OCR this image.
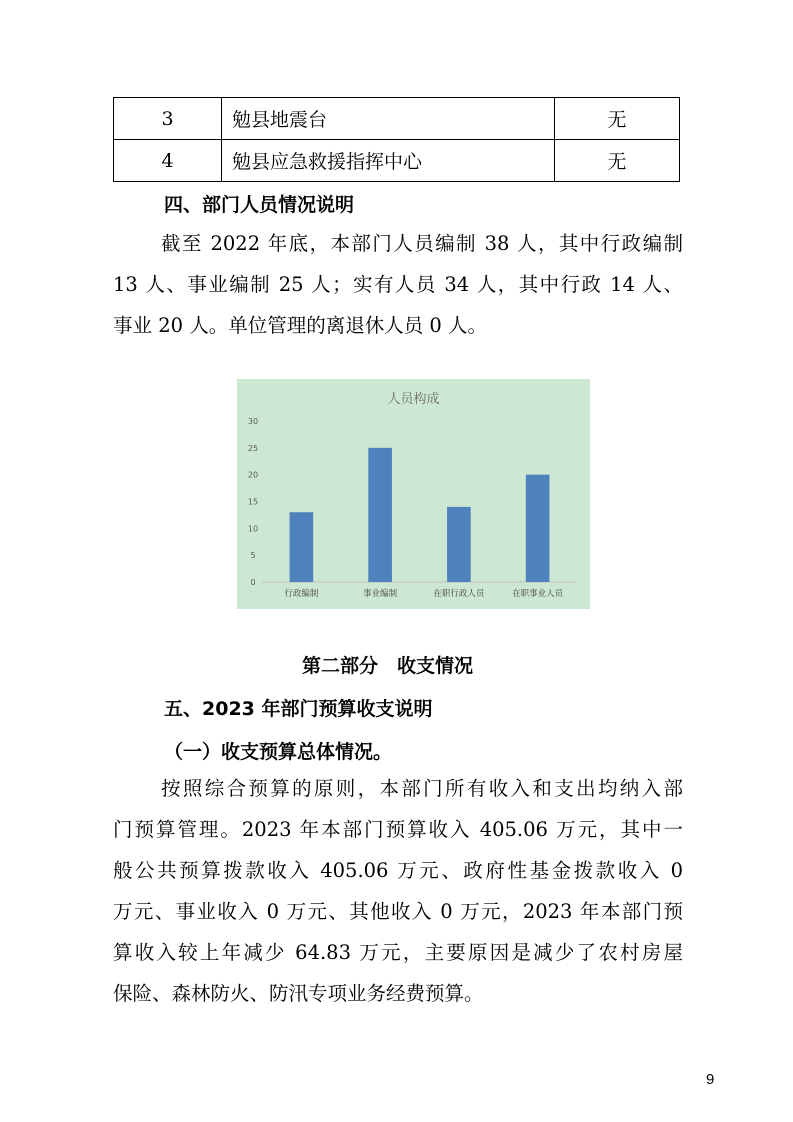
3	勉县地震台	无
4	勉县应急救援指挥中心	无
四、部门人员情况说明
截至 2022 年底，本部门人员编制 38 人，其中行政编制
13 人、事业编制 25 人；实有人员 34 人，其中行政 14 人、
事业 20 人。单位管理的离退休人员 0 人。
人员构成
0
5
10
15
20
25
30
行政编制	事业编制	在职行政人员	在职事业人员
第二部分　收支情况
五、2023 年部门预算收支说明
（一）收支预算总体情况。
按照综合预算的原则，本部门所有收入和支出均纳入部
门预算管理。2023 年本部门预算收入 405.06 万元，其中一
般公共预算拨款收入 405.06 万元、政府性基金拨款收入 0
万元、事业收入 0 万元、其他收入 0 万元，2023 年本部门预
算收入较上年减少 64.83 万元，主要原因是减少了农村房屋
保险、森林防火、防汛专项业务经费预算。
9
